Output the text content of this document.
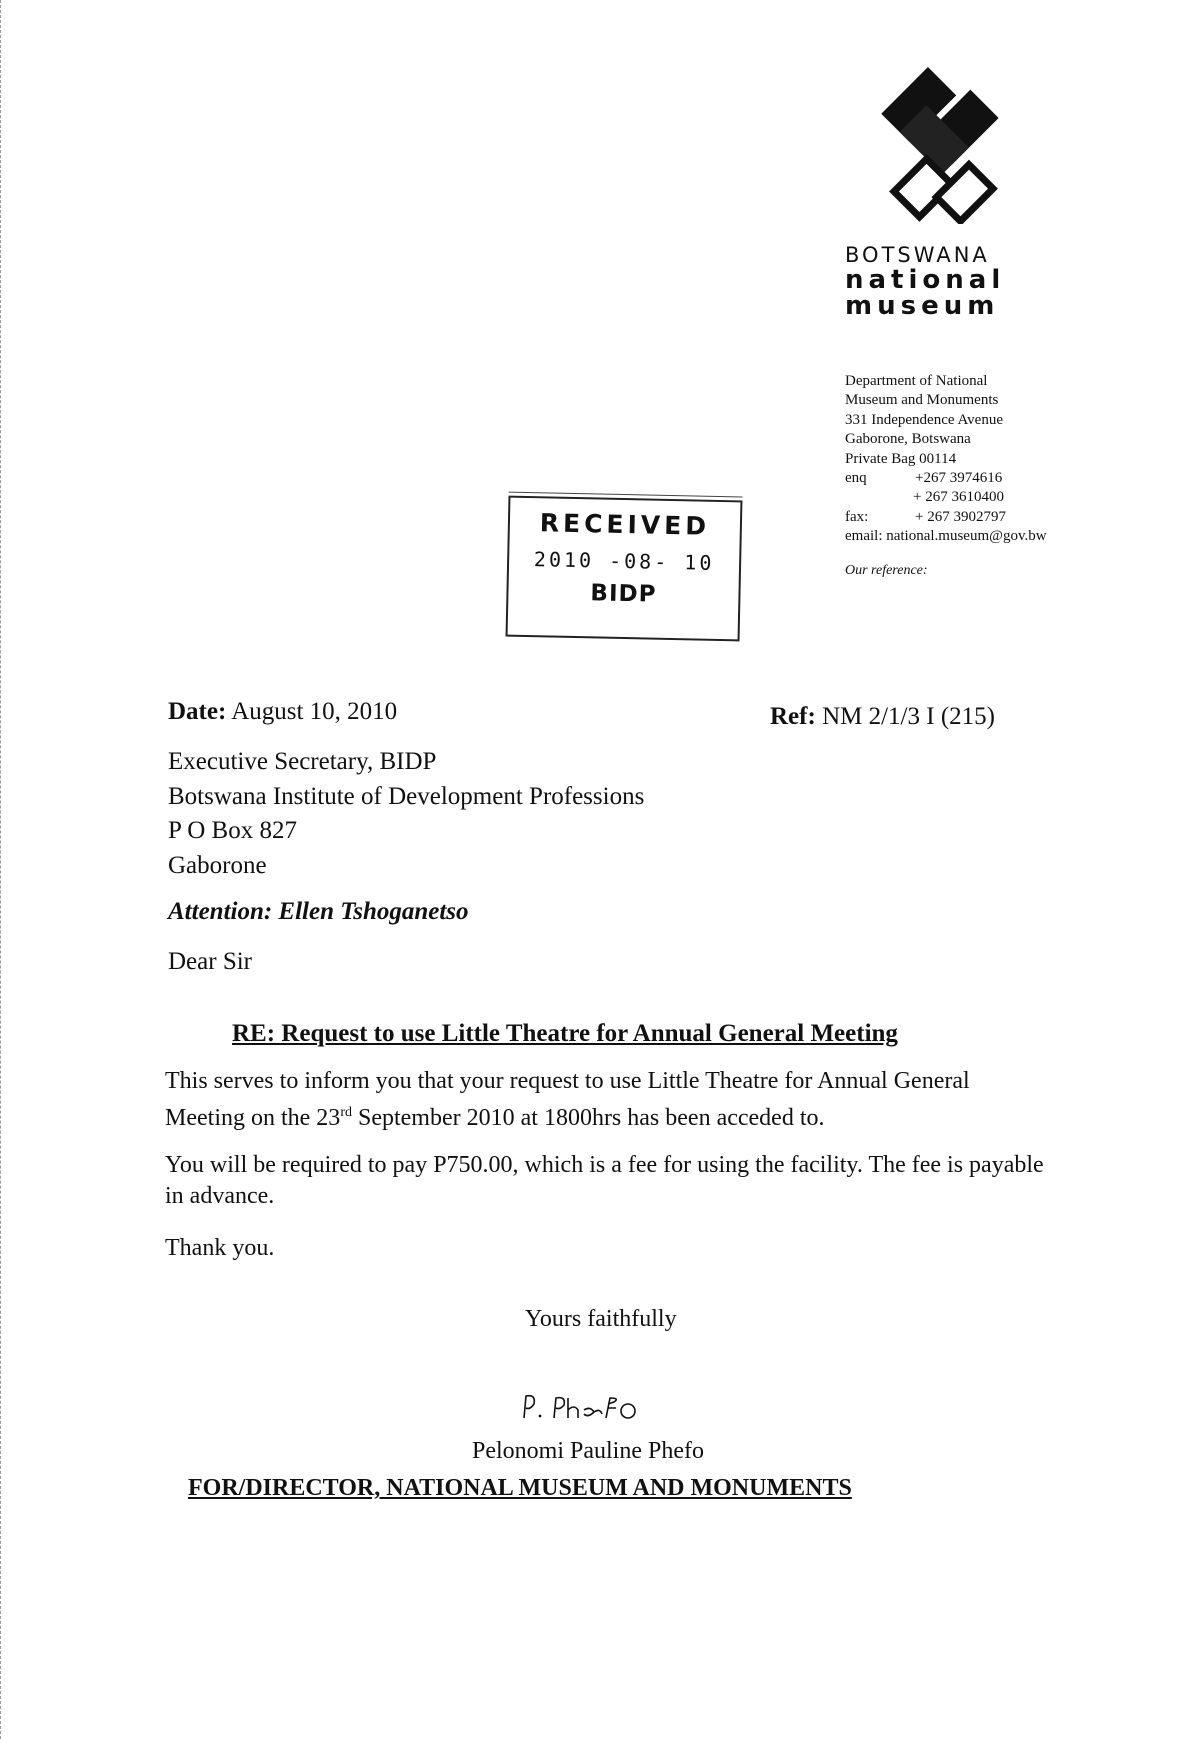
BOTSWANA
national
museum
Department of National
Museum and Monuments
331 Independence Avenue
Gaborone, Botswana
Private Bag 00114
enq	+267 3974616
+ 267 3610400
fax:	+ 267 3902797
email: national.museum@gov.bw
Our reference:
RECEIVED
2010 -08- 10
BIDP
Date: August 10, 2010	Ref: NM 2/1/3 I (215)
Executive Secretary, BIDP
Botswana Institute of Development Professions
P O Box 827
Gaborone
Attention: Ellen Tshoganetso
Dear Sir
RE: Request to use Little Theatre for Annual General Meeting
This serves to inform you that your request to use Little Theatre for Annual General Meeting on the 23rd September 2010 at 1800hrs has been acceded to.
You will be required to pay P750.00, which is a fee for using the facility. The fee is payable in advance.
Thank you.
Yours faithfully
Pelonomi Pauline Phefo
FOR/DIRECTOR, NATIONAL MUSEUM AND MONUMENTS
